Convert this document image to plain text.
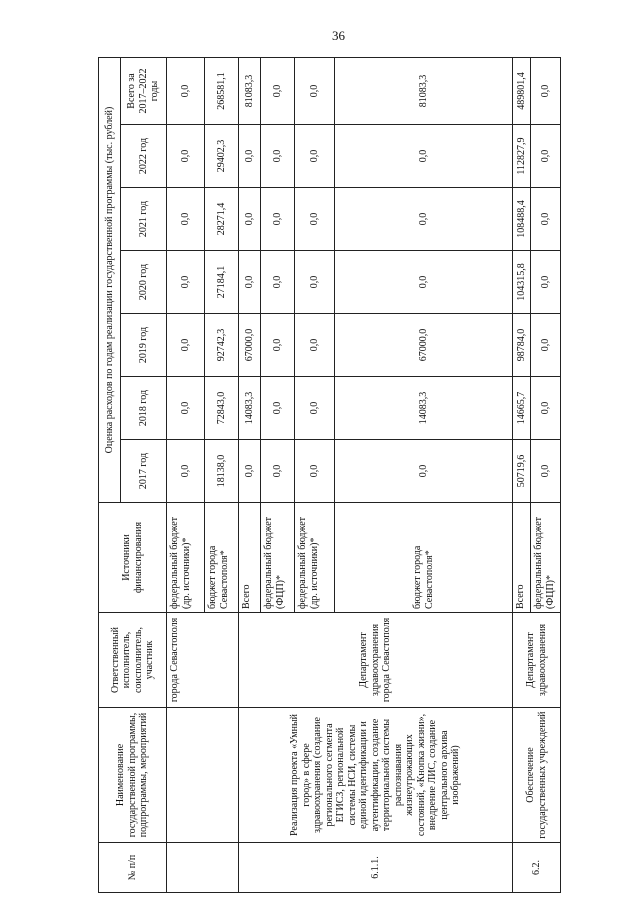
36
№ п/п	Наименование государственной программы, подпрограммы, мероприятий	Ответственный исполнитель, соисполнитель, участник	Источники финансирования	Оценка расходов по годам реализации государственной программы (тыс. рублей)						
				2017 год	2018 год	2019 год	2020 год	2021 год	2022 год	Всего за 2017–2022 годы
		города Севастополя	федеральный бюджет (др. источники)*	0,0	0,0	0,0	0,0	0,0	0,0	0,0
			бюджет города Севастополя*	18138,0	72843,0	92742,3	27184,1	28271,4	29402,3	268581,1
6.1.1.	Реализация проекта «Умный город» в сфере здравоохранения (создание регионального сегмента ЕГИСЗ, региональной системы НСИ, системы единой идентификации и аутентификации, создание территориальной системы распознавания жизнеугрожающих состояний, «Кнопка жизни», внедрение ЛИС, создание центрального архива изображений)	Департамент здравоохранения города Севастополя	Всего	0,0	14083,3	67000,0	0,0	0,0	0,0	81083,3
			федеральный бюджет (ФЦП)*	0,0	0,0	0,0	0,0	0,0	0,0	0,0
			федеральный бюджет (др. источники)*	0,0	0,0	0,0	0,0	0,0	0,0	0,0
			бюджет города Севастополя*	0,0	14083,3	67000,0	0,0	0,0	0,0	81083,3
6.2.	Обеспечение государственных учреждений	Департамент здравоохранения	Всего	50719,6	14665,7	98784,0	104315,8	108488,4	112827,9	489801,4
			федеральный бюджет (ФЦП)*	0,0	0,0	0,0	0,0	0,0	0,0	0,0
